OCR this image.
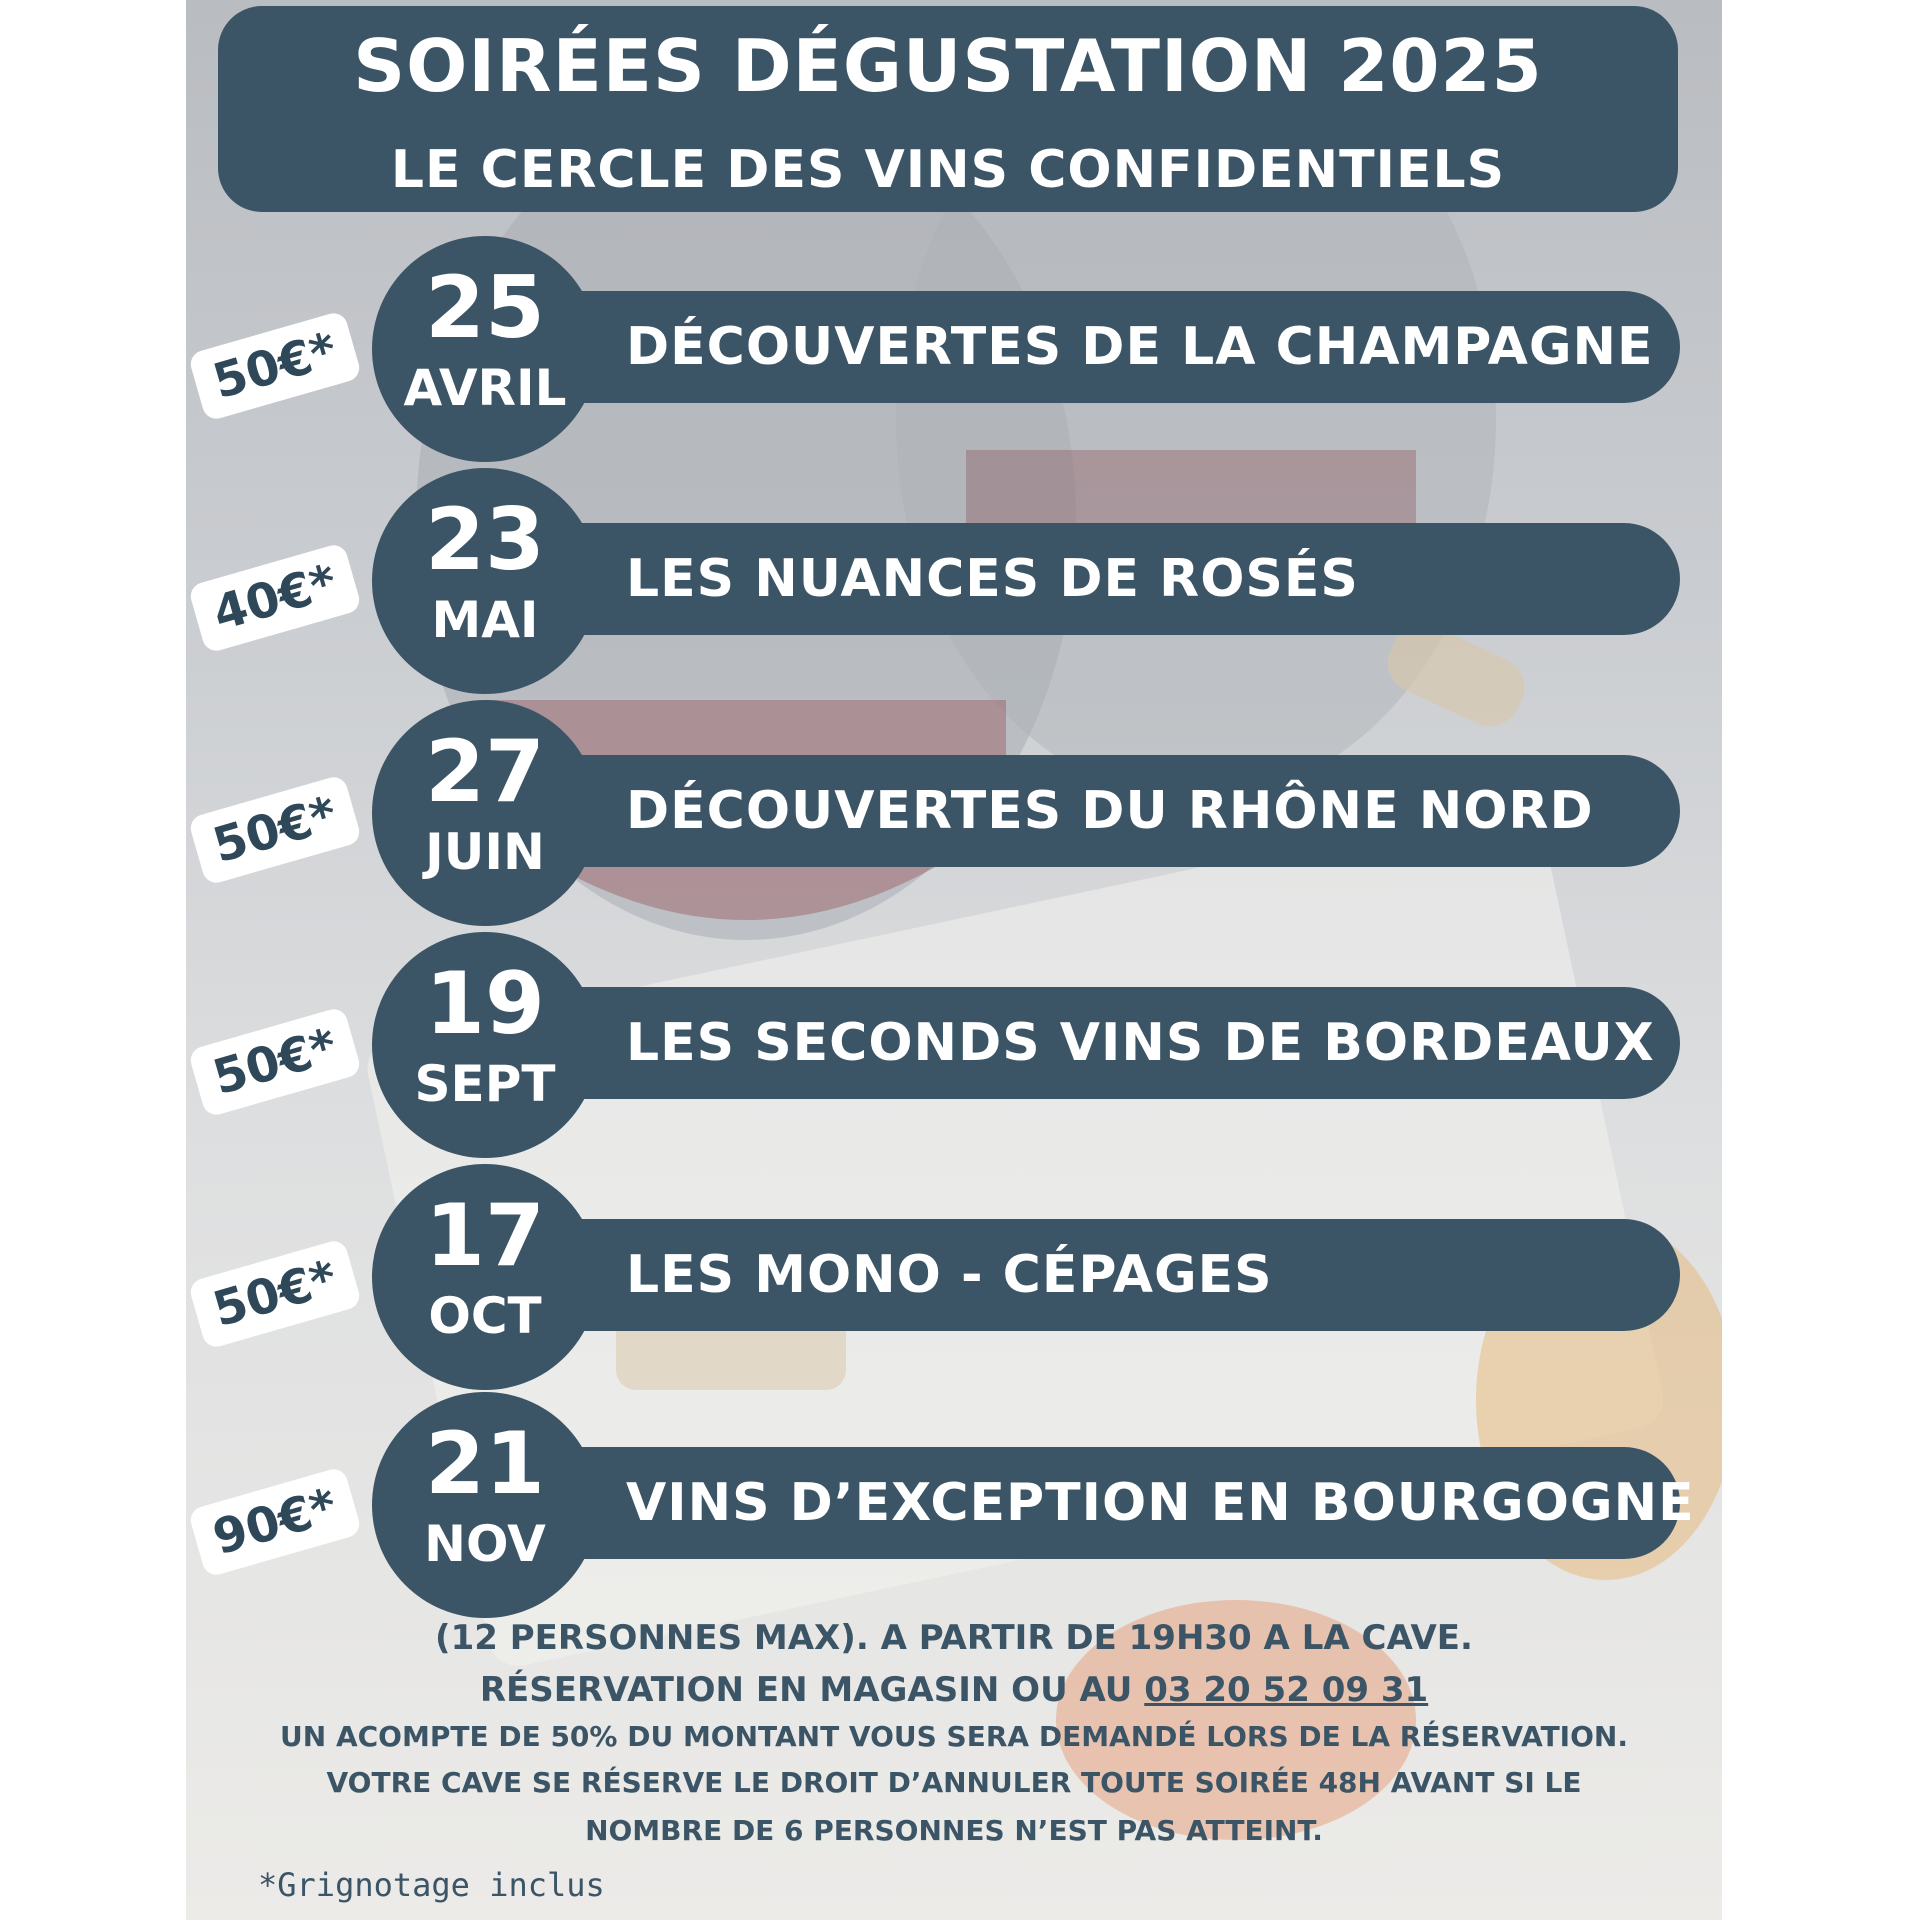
SOIRÉES DÉGUSTATION 2025
LE CERCLE DES VINS CONFIDENTIELS
DÉCOUVERTES DE LA CHAMPAGNE
25
AVRIL
50€*
LES NUANCES DE ROSÉS
23
MAI
40€*
DÉCOUVERTES DU RHÔNE NORD
27
JUIN
50€*
LES SECONDS VINS DE BORDEAUX
19
SEPT
50€*
LES MONO - CÉPAGES
17
OCT
50€*
VINS D’EXCEPTION EN BOURGOGNE
21
NOV
90€*
(12 PERSONNES MAX). A PARTIR DE 19H30 A LA CAVE.
RÉSERVATION EN MAGASIN OU AU 03 20 52 09 31
UN ACOMPTE DE 50% DU MONTANT VOUS SERA DEMANDÉ LORS DE LA RÉSERVATION.
VOTRE CAVE SE RÉSERVE LE DROIT D’ANNULER TOUTE SOIRÉE 48H AVANT SI LE
NOMBRE DE 6 PERSONNES N’EST PAS ATTEINT.
*Grignotage inclus
